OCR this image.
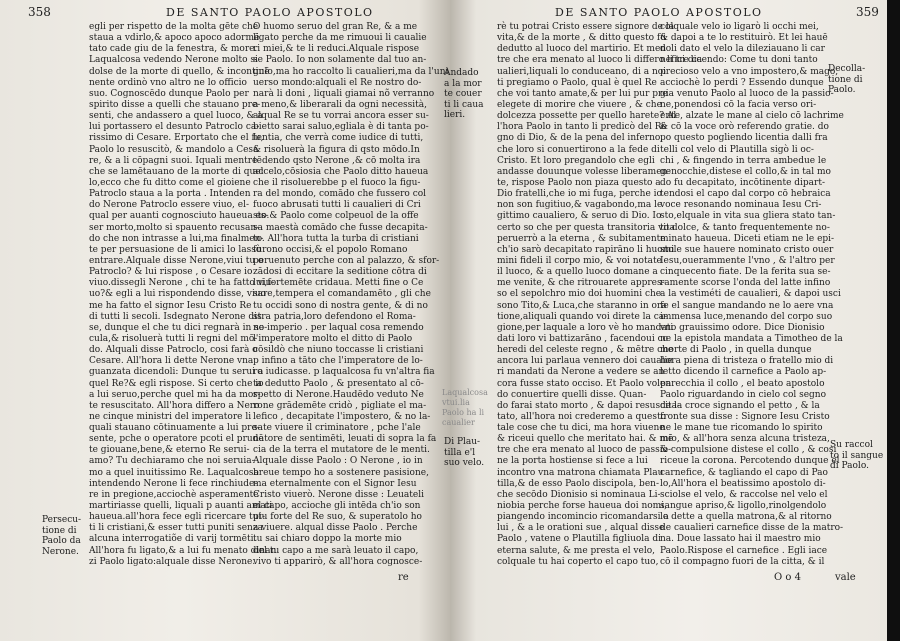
358	DE SANTO PAOLO APOSTOLO
egli per rispetto de la molta gēte che
staua a vdirlo,& apoco apoco adormē
tato cade giu de la fenestra, & more.
Laqualcosa vedendo Nerone molto si
dolse de la morte di quello, & incontinē
nente ordinò vno altro ne lo officio
suo. Cognoscēdo dunque Paolo per
spirito disse a quelli che stauano pre-
senti, che andassero a quel luoco, & a
lui portassero el desunto Patroclo ca-
rissimo di Cesare. Erportato che el fu,
Paolo lo resuscitò, & mandolo a Cesa
re, & a li cōpagni suoi. Iquali mentre
che se lamētauano de la morte di quel
lo,ecco che fu ditto come el gioiene
Patroclo staua a la porta . Intenden
do Nerone Patroclo essere viuo, el-
qual per auanti cognosciuto haueua es-
ser morto,molto si spauento recusan-
do che non intrasse a lui,ma finalmen-
te per persuasione de li amici lo lassò
entrare.Alquale disse Nerone,viui tu o
Patroclo? & lui rispose , o Cesare io
viuo.dissegli Nerone , chi te ha fatto viu-
uo?& egli a lui rispondendo disse, viuo
me ha fatto el signor Iesu Cristo Re
di tutti li secoli. Isdegnato Nerone dis
se, dunque el che tu dici regnarà in se-
cula,& risoluerà tutti li regni del mō-
do. Alquali disse Patroclo, cosi farà o
Cesare. All'hora li dette Nerone vna
guanzata dicendoli: Dunque tu serui a
quel Re?& egli rispose. Si certo che io
a lui seruo,perche quel mi ha da mor-
te resuscitato. All'hora differo a Nero
ne cinque ministri del imperatore li
quali stauano cōtinuamente a lui pre-
sente, pche o operatore pcoti el prudē
te giouane,bene,& eterno Re serui-
amo? Tu dechiaramo che noi seruia-
mo a quel inuitissimo Re. Laqualcosa
intendendo Nerone li fece rinchiude-
re in pregione,acciochè asperamente
martiriasse quelli, liquali p auanti amati
haueua.all'hora fece egli ricercare tut-
ti li cristiani,& esser tutti puniti senza
alcuna interrogatiõe di varij tormēti.
All'hora fu ligato,& a lui fu menato dinan
zi Paolo ligato:alquale disse Nerone.
O huomo seruo del gran Re, & a me
ligato perche da me rimuoui li caualie
ri miei,& te li reduci.Alquale rispose
se Paolo. Io non solamente dal tuo an-
gulo,ma ho raccolto li caualieri,ma da l'uni
uerso mondo:alquali el Re nostro do-
narà li doni , liquali giamai nõ verranno
a meno,& liberarali da ogni necessità,
alqual Re se tu vorrai ancora esser su-
bietto sarai saluo,egliala è di tanta po-
tentia, che verrà come iudice di tutti,
& risoluerà la figura di qsto mōdo.In
tēdendo qsto Nerone ,& cō molta ira
accelo,cōsiosia che Paolo ditto haueua
che il risoluerebbe p el fuoco la figu-
ra del mondo, comādo che fussero col
fuoco abrusati tutti li caualieri di Cri
sto.& Paolo come colpeuol de la offe
sa maestà comādo che fusse decapita-
to. All'hora tutta la turba di cristiani
furono occisi,& el popolo Romano
peruenuto perche con al palazzo, & sfor-
zādosi di eccitare la seditione cōtra di
lui,fortemēte cridaua. Metti fine o Ce
sare,tempera el comandamēto , gli che
tu occidi sono di nostra gente, & di no
stra patria,loro defendono el Roma-
no imperio . per laqual cosa remendo
l'imperatore molto el ditto di Paolo
cōsildò che niuno toccasse li cristiani
p infino a tāto che l'imperatore de lo-
ro iudicasse. p laqualcosa fu vn'altra fia
ta dedutto Paolo , & presentato al cō-
spetto di Nerone.Haudēdo veduto Ne
rone grādemēte cridò , pigliate el ma-
lefico , decapitate l'impostero, & no la-
sate viuere il criminatore , pche l'ale
natore de sentimēti, leuati di sopra la fa
cia de la terra el mutatore de le menti.
Alquale disse Paolo : O Nerone , io in
breue tempo ho a sostenere pasisione,
ma eternalmente con el Signor Iesu
Cristo viuerò. Nerone disse : Leuateli
el capo, accioche gli intēda ch'io son
piu forte del Re suo, & superatolo ho
a viuere. alqual disse Paolo . Perche
tu sai chiaro doppo la morte mio
del tu capo a me sarà leuato il capo,
vivo ti apparirò, & all'hora cognosce-
Persecu-
tione di
Paolo da
Nerone.
re
DE SANTO PAOLO APOSTOLO	359
Andado
a la mor
te couer
ti li caua
lieri.
Laqualcosa
vtui.lia
Paolo ha li
caualier
Di Plau-
tilla e'l
suo velo.
rè tu potrai Cristo essere signore de la
vita,& de la morte , & ditto questo fu
dedutto al luoco del martirio. Et men
tre che era menato al luoco li differo li tre ca
ualieri,liquali lo conduceano, di a noi
ti pregiamo o Paolo, qual è quel Re
che voi tanto amate,& per lui pur pre
elegete di morire che viuere , & che
dolcezza possette per quello harete? Al
l'hora Paolo in tanto li predicò del Re
gno di Dio, & de la pena del inferno,
che loro si conuertirono a la fede di
Cristo. Et loro pregandolo che egli
andasse douunque volesse liberamen-
te, rispose Paolo non piaza questo a
Dio fratelli,che io mi fuga, perche io
non son fugitiuo,& vagabondo,ma le
gittimo caualiero, & seruo di Dio. Io
certo so che per questa transitoria vita
peruerrò a la eterna , & subitamente
ch'io sarò decapitato rapirāno li huomi
mini fideli il corpo mio, & voi notate
il luoco, & a quello luoco domane a
me venite, & che ritrouarete appres-
so el sepolchro mio doi huomini che
sono Tito,& Luca,che staranno in ora
tione,aliquali quando voi direte la ca-
gione,per laquale a loro vè ho mandati
dati loro vi battizarāno , facendoui co
heredi del celeste regno , & mētre che
ancora lui parlaua vennero doi caualie
ri mandati da Nerone a vedere se an
cora fusse stato occiso. Et Paolo volen
do conuertire quelli disse. Quan-
do farai stato morto , & dapoi resuscita-
tato, all'hora noi crederemo a questo
tale cose che tu dici, ma hora viuene
& riceui quello che meritato hai. & mē
tre che era menato al luoco de passio-
ne la porta hostiense si fece a lui
incontro vna matrona chiamata Plau
tilla,& de esso Paolo discipola, ben-
che secōdo Dionisio si nominaua Li-
niobia perche forse haueua doi nomi,
piangendo incomincio ricomandarsi a
lui , & a le orationi sue , alqual disse
Paolo , vatene o Plautilla figliuola di
eterna salute, & me presta el velo,
colquale tu hai coperto el capo tuo,
colquale velo io ligarò li occhi mei,
& dapoi a te lo restituirò. Et lei hauē
doli dato el velo la dileziauano li car
nefici dicendo: Come tu doni tanto
precioso velo a vno impostero,& mago,
acciochè lo perdi ? Essendo dunque
gia venuto Paolo al luoco de la passio-
ne,ponendosi cō la facia verso ori-
ente, alzate le mane al cielo cō lachrime
& cō la voce orò referendo gratie. do
po questo pogliendo licentia dalli fra
telli col velo di Plautilla sigò li oc-
chi , & fingendo in terra ambedue le
genocchie,distese el collo,& in tal mo
do fu decapitato, incōtinente dipart-
tendosi el capo dal corpo cō hebraica
voce resonando nominaua Iesu Cri-
sto,elquale in vita sua gliera stato tan-
to dolce, & tanto frequentemente no-
minato haueua. Diceti etiam ne le epi-
stole sue hauere nominato cristo ouer
Iesu,ouerammente l'vno , & l'altro per
cinquecento fiate. De la ferita sua se-
ramente scorse l'onda del latte infino
a la vestiméti de caualieri, & dapoi usci
fe el sangue mandando ne lo aere vna
immensa luce,menando del corpo suo
vno grauissimo odore. Dice Dionisio
ne la epistola mandata a Timotheo de la
morte di Paolo , in quella dunque
hora piena di tristeza o fratello mio di
letto dicendo il carnefice a Paolo ap-
parecchia il collo , el beato apostolo
Paolo riguardando in cielo col segno
de la croce signando el petto , & la
fronte sua disse : Signore Iesu Cristo
ne le mane tue ricomando lo spirito
mio, & all'hora senza alcuna tristeza,
& compulsione distese el collo , & cosi
riceue la corona. Percotendo dunque el
carnefice, & tagliando el capo di Pao
lo,All'hora el beatissimo apostolo di-
sciolse el velo, & raccolse nel velo el
sangue apriso,& ligollo,rinolgendolo
lo dette a quella matrona,& al ritorno
de caualieri carnefice disse de la matro-
na. Doue lassato hai il maestro mio
Paolo.Rispose el carnefice . Egli iace
cō il compagno fuori de la citta, & il
Decolla-
tione di
Paolo.
Su raccol
to il sangue
di Paolo.
O o 4	vale
